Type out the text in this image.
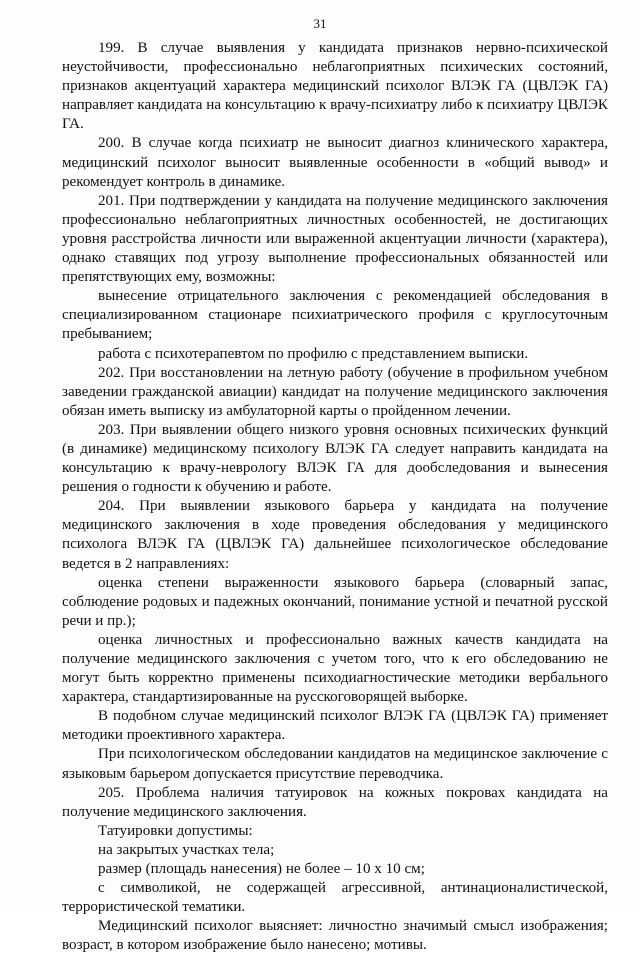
31

199. В случае выявления у кандидата признаков нервно-психической неустойчивости, профессионально неблагоприятных психических состояний, признаков акцентуаций характера медицинский психолог ВЛЭК ГА (ЦВЛЭК ГА) направляет кандидата на консультацию к врачу-психиатру либо к психиатру ЦВЛЭК ГА.

200. В случае когда психиатр не выносит диагноз клинического характера, медицинский психолог выносит выявленные особенности в «общий вывод» и рекомендует контроль в динамике.

201. При подтверждении у кандидата на получение медицинского заключения профессионально неблагоприятных личностных особенностей, не достигающих уровня расстройства личности или выраженной акцентуации личности (характера), однако ставящих под угрозу выполнение профессиональных обязанностей или препятствующих ему, возможны:

вынесение отрицательного заключения с рекомендацией обследования в специализированном стационаре психиатрического профиля с круглосуточным пребыванием;

работа с психотерапевтом по профилю с представлением выписки.

202. При восстановлении на летную работу (обучение в профильном учебном заведении гражданской авиации) кандидат на получение медицинского заключения обязан иметь выписку из амбулаторной карты о пройденном лечении.

203. При выявлении общего низкого уровня основных психических функций (в динамике) медицинскому психологу ВЛЭК ГА следует направить кандидата на консультацию к врачу-неврологу ВЛЭК ГА для дообследования и вынесения решения о годности к обучению и работе.

204. При выявлении языкового барьера у кандидата на получение медицинского заключения в ходе проведения обследования у медицинского психолога ВЛЭК ГА (ЦВЛЭК ГА) дальнейшее психологическое обследование ведется в 2 направлениях:

оценка степени выраженности языкового барьера (словарный запас, соблюдение родовых и падежных окончаний, понимание устной и печатной русской речи и пр.);

оценка личностных и профессионально важных качеств кандидата на получение медицинского заключения с учетом того, что к его обследованию не могут быть корректно применены психодиагностические методики вербального характера, стандартизированные на русскоговорящей выборке.

В подобном случае медицинский психолог ВЛЭК ГА (ЦВЛЭК ГА) применяет методики проективного характера.

При психологическом обследовании кандидатов на медицинское заключение с языковым барьером допускается присутствие переводчика.

205. Проблема наличия татуировок на кожных покровах кандидата на получение медицинского заключения.

Татуировки допустимы:

на закрытых участках тела;

размер (площадь нанесения) не более – 10 х 10 см;

с символикой, не содержащей агрессивной, антинационалистической, террористической тематики.

Медицинский психолог выясняет: личностно значимый смысл изображения; возраст, в котором изображение было нанесено; мотивы.
